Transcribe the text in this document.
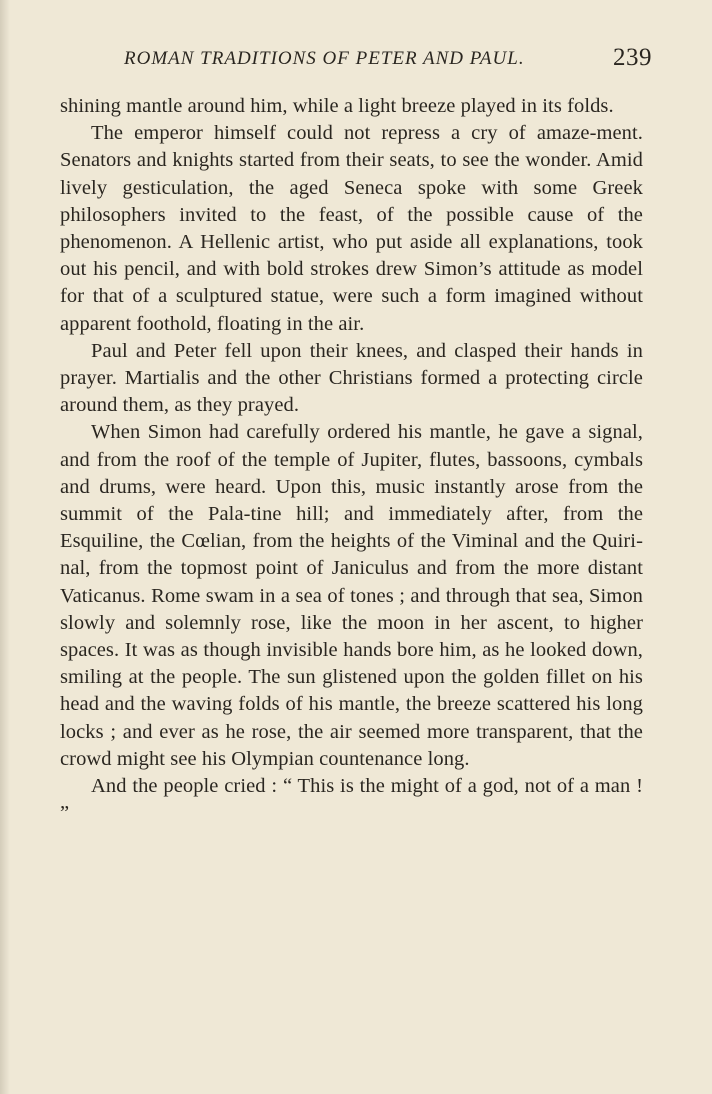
ROMAN TRADITIONS OF PETER AND PAUL.	239

shining mantle around him, while a light breeze played in its folds.

The emperor himself could not repress a cry of amaze-ment. Senators and knights started from their seats, to see the wonder. Amid lively gesticulation, the aged Seneca spoke with some Greek philosophers invited to the feast, of the possible cause of the phenomenon. A Hellenic artist, who put aside all explanations, took out his pencil, and with bold strokes drew Simon’s attitude as model for that of a sculptured statue, were such a form imagined without apparent foothold, floating in the air.

Paul and Peter fell upon their knees, and clasped their hands in prayer. Martialis and the other Christians formed a protecting circle around them, as they prayed.

When Simon had carefully ordered his mantle, he gave a signal, and from the roof of the temple of Jupiter, flutes, bassoons, cymbals and drums, were heard. Upon this, music instantly arose from the summit of the Pala-tine hill; and immediately after, from the Esquiline, the Cœlian, from the heights of the Viminal and the Quiri-nal, from the topmost point of Janiculus and from the more distant Vaticanus. Rome swam in a sea of tones ; and through that sea, Simon slowly and solemnly rose, like the moon in her ascent, to higher spaces. It was as though invisible hands bore him, as he looked down, smiling at the people. The sun glistened upon the golden fillet on his head and the waving folds of his mantle, the breeze scattered his long locks ; and ever as he rose, the air seemed more transparent, that the crowd might see his Olympian countenance long.

And the people cried : “ This is the might of a god, not of a man ! ”
